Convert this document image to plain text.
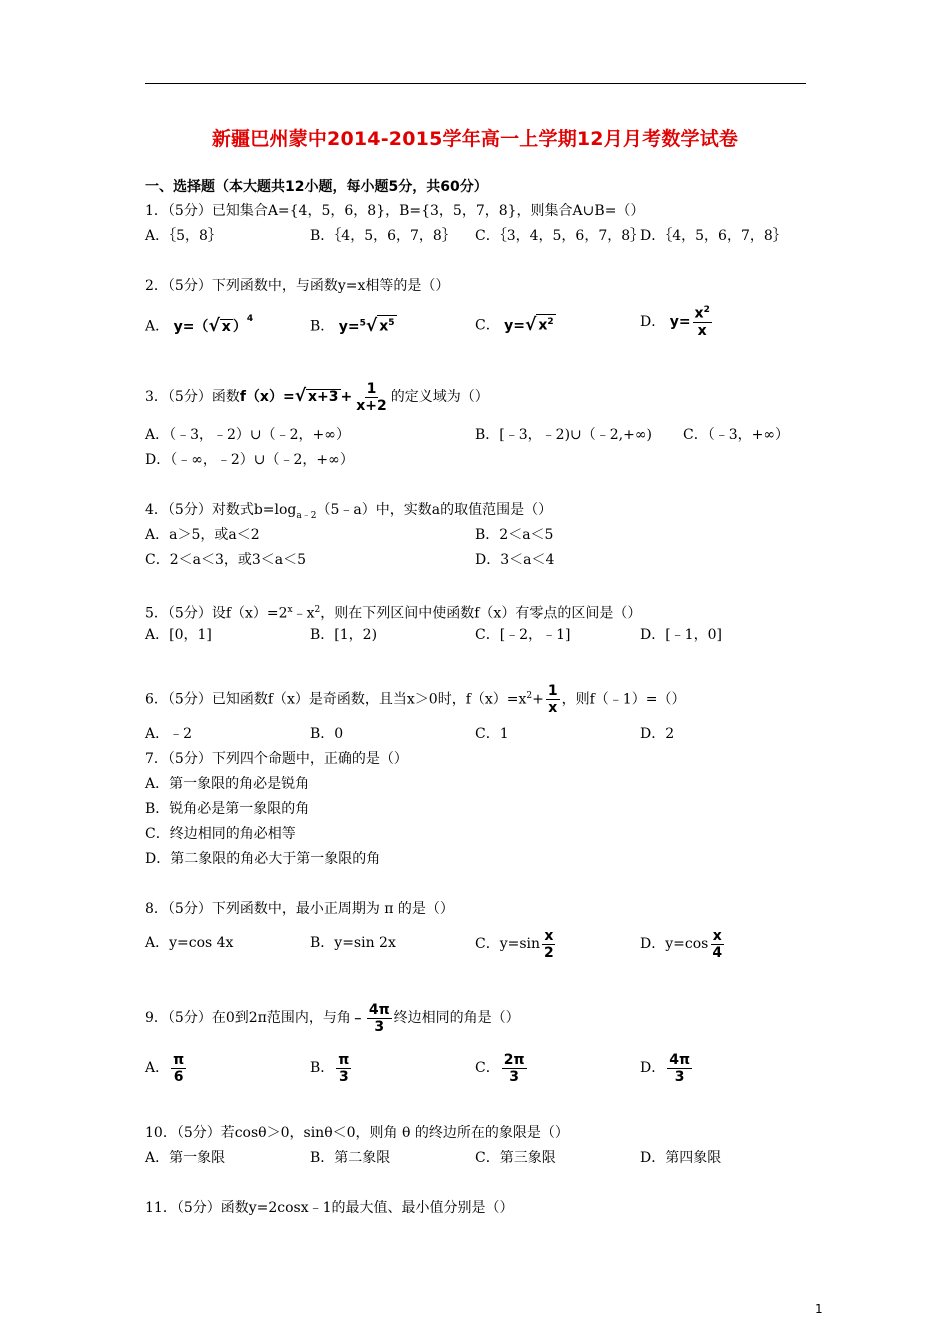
新疆巴州蒙中2014-2015学年高一上学期12月月考数学试卷
一、选择题（本大题共12小题，每小题5分，共60分）
1．（5分）已知集合A={4，5，6，8}，B={3，5，7，8}，则集合A∪B=（）
A．｛5，8｝	B．｛4，5，6，7，8｝ C．｛3，4，5，6，7，8｝
D．｛4，5，6，7，8｝
2．（5分）下列函数中，与函数y=x相等的是（）
A． y=（√ x ）$^4$	B． y=$^5$√ $x^5$	C． y=√ $x^2$	D． $y= \frac{x^2}{x}$
3．（5分）函数f（x）=√ $x+3 + \frac{1}{x+2}$ 的定义域为（）
A．（﹣3，﹣2）∪（﹣2，+∞）	B．[﹣3，﹣2)∪（﹣2,+∞) C．（﹣3，+∞）
D．（﹣∞，﹣2）∪（﹣2，+∞）
4．（5分）对数式$b=\log_{a﹣2}(5﹣a)$中，实数a的取值范围是（）
A．a＞5，或a＜2	B．2＜a＜5
C．2＜a＜3，或3＜a＜5	D．3＜a＜4
5．（5分）设$f(x)=2^x﹣x^2$，则在下列区间中使函数f（x）有零点的区间是（）
A．[0，1]	B．[1，2)	C．[﹣2，﹣1]	D．[﹣1，0]
6．（5分）已知函数f（x）是奇函数，且当x＞0时，$f(x)=x^2+ \frac{1}{x}$ ，则f（﹣1）=（）
A．﹣2	B．0	C．1	D．2
7．（5分）下列四个命题中，正确的是（）
A．第一象限的角必是锐角
B．锐角必是第一象限的角
C．终边相同的角必相等
D．第二象限的角必大于第一象限的角
8．（5分）下列函数中，最小正周期为 π 的是（）
A．y=cos 4x	B．y=sin 2x	C．$y=\sin \frac{x}{2}$	D．$y=\cos \frac{x}{4}$
9．（5分）在0到2π范围内，与角﹣ $\frac{4\pi}{3}$ 终边相同的角是（）
A． $\frac{\pi}{6}$	B． $\frac{\pi}{3}$	C． $\frac{2\pi}{3}$	D． $\frac{4\pi}{3}$
10．（5分）若cosθ＞0，sinθ＜0，则角 θ 的终边所在的象限是（）
A．第一象限	B．第二象限	C．第三象限	D．第四象限
11．（5分）函数y=2cosx﹣1的最大值、最小值分别是（）
1
